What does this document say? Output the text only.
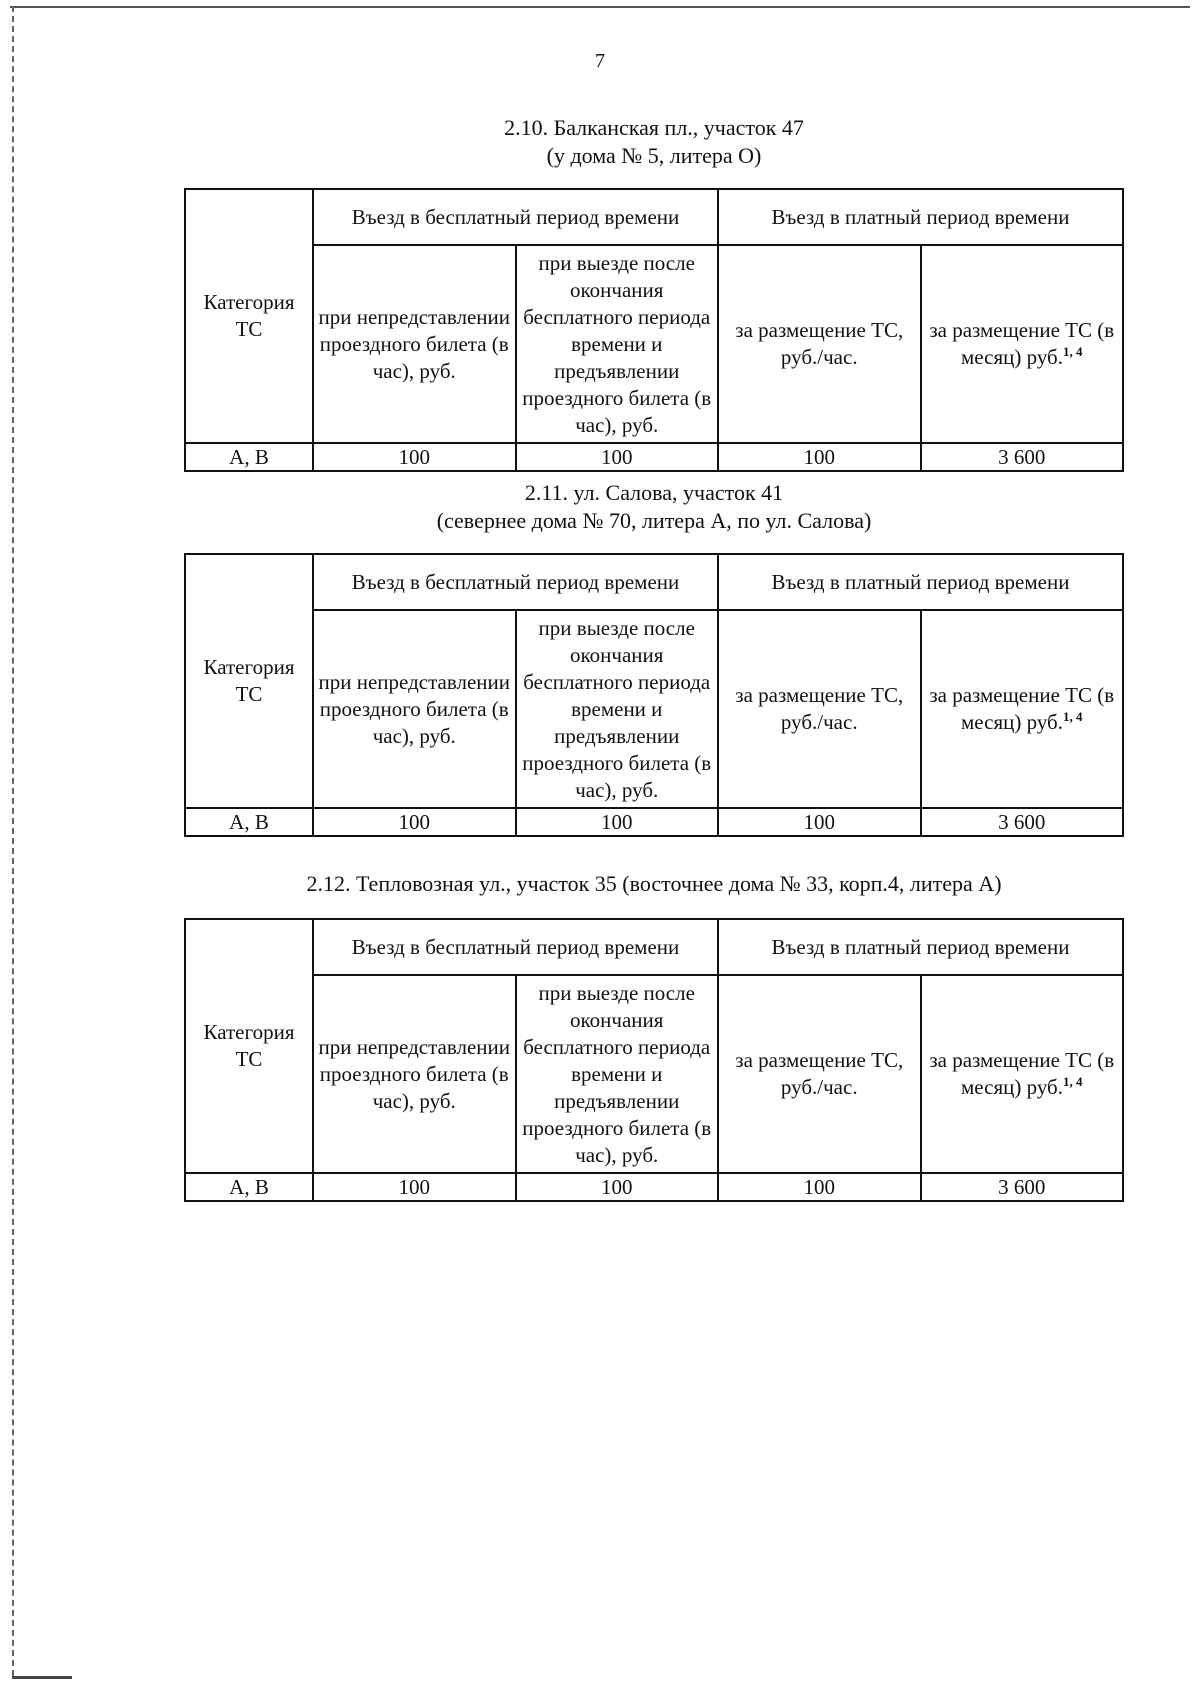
7
2.10. Балканская пл., участок 47
(у дома № 5, литера О)
Категория ТС	Въезд в бесплатный период времени		Въезд в платный период времени	
	при непредставлении проездного билета (в час), руб.	при выезде после окончания бесплатного периода времени и предъявлении проездного билета (в час), руб.	за размещение ТС, руб./час.	за размещение ТС (в месяц) руб.$^{1, 4}$
А, В	100	100	100	3 600
2.11. ул. Салова, участок 41
(севернее дома № 70, литера А, по ул. Салова)
Категория ТС	Въезд в бесплатный период времени		Въезд в платный период времени	
	при непредставлении проездного билета (в час), руб.	при выезде после окончания бесплатного периода времени и предъявлении проездного билета (в час), руб.	за размещение ТС, руб./час.	за размещение ТС (в месяц) руб.$^{1, 4}$
А, В	100	100	100	3 600
2.12. Тепловозная ул., участок 35 (восточнее дома № 33, корп.4, литера А)
Категория ТС	Въезд в бесплатный период времени		Въезд в платный период времени	
	при непредставлении проездного билета (в час), руб.	при выезде после окончания бесплатного периода времени и предъявлении проездного билета (в час), руб.	за размещение ТС, руб./час.	за размещение ТС (в месяц) руб.$^{1, 4}$
А, В	100	100	100	3 600
